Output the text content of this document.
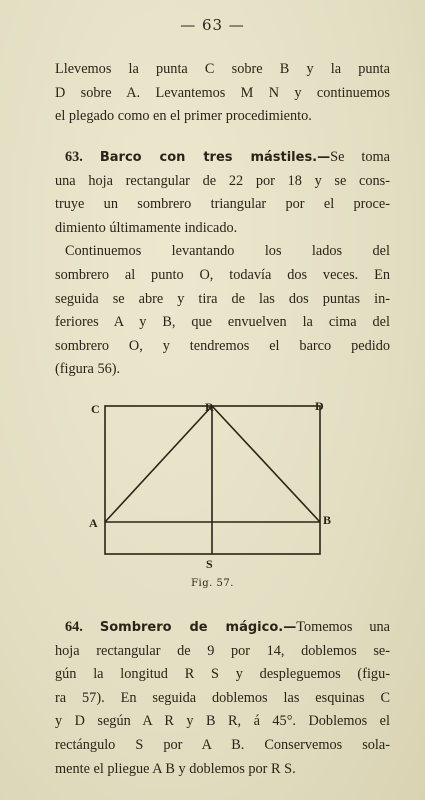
— 63 —
Llevemos la punta C sobre B y la punta
D sobre A. Levantemos M N y continuemos
el plegado como en el primer procedimiento.
63. Barco con tres mástiles.—Se toma
una hoja rectangular de 22 por 18 y se cons-
truye un sombrero triangular por el proce-
dimiento últimamente indicado.
Continuemos levantando los lados del
sombrero al punto O, todavía dos veces. En
seguida se abre y tira de las dos puntas in-
feriores A y B, que envuelven la cima del
sombrero O, y tendremos el barco pedido
(figura 56).
C	R	D
A	B
S
Fig. 57.
64. Sombrero de mágico.—Tomemos una
hoja rectangular de 9 por 14, doblemos se-
gún la longitud R S y despleguemos (figu-
ra 57). En seguida doblemos las esquinas C
y D según A R y B R, á 45°. Doblemos el
rectángulo S por A B. Conservemos sola-
mente el pliegue A B y doblemos por R S.
